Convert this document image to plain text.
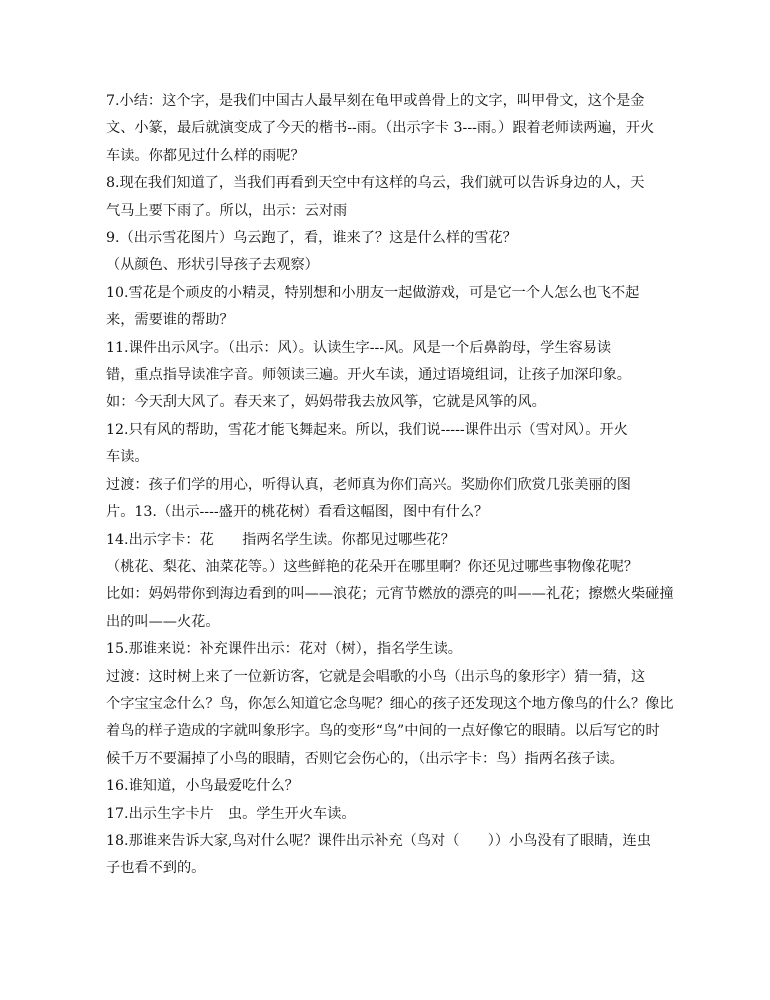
7.小结：这个字，是我们中国古人最早刻在龟甲或兽骨上的文字，叫甲骨文，这个是金
文、小篆，最后就演变成了今天的楷书--雨。（出示字卡 3---雨。）跟着老师读两遍，开火
车读。你都见过什么样的雨呢？

8.现在我们知道了，当我们再看到天空中有这样的乌云，我们就可以告诉身边的人，天
气马上要下雨了。所以，出示：云对雨

9.（出示雪花图片）乌云跑了，看，谁来了？这是什么样的雪花？

（从颜色、形状引导孩子去观察）

10.雪花是个顽皮的小精灵，特别想和小朋友一起做游戏，可是它一个人怎么也飞不起
来，需要谁的帮助？

11.课件出示风字。（出示：风）。认读生字---风。风是一个后鼻韵母，学生容易读
错，重点指导读准字音。师领读三遍。开火车读，通过语境组词，让孩子加深印象。

如：今天刮大风了。春天来了，妈妈带我去放风筝，它就是风筝的风。

12.只有风的帮助，雪花才能飞舞起来。所以，我们说-----课件出示（雪对风）。开火
车读。

过渡：孩子们学的用心，听得认真，老师真为你们高兴。奖励你们欣赏几张美丽的图
片。13.（出示----盛开的桃花树）看看这幅图，图中有什么？

14.出示字卡：花　　指两名学生读。你都见过哪些花？

（桃花、梨花、油菜花等。）这些鲜艳的花朵开在哪里啊？你还见过哪些事物像花呢？
比如：妈妈带你到海边看到的叫——浪花；元宵节燃放的漂亮的叫——礼花；擦燃火柴碰撞
出的叫——火花。

15.那谁来说：补充课件出示：花对（树），指名学生读。

过渡：这时树上来了一位新访客，它就是会唱歌的小鸟（出示鸟的象形字）猜一猜，这
个字宝宝念什么？鸟，你怎么知道它念鸟呢？细心的孩子还发现这个地方像鸟的什么？像比
着鸟的样子造成的字就叫象形字。鸟的变形“鸟”中间的一点好像它的眼睛。以后写它的时
候千万不要漏掉了小鸟的眼睛，否则它会伤心的，（出示字卡：鸟）指两名孩子读。

16.谁知道，小鸟最爱吃什么？

17.出示生字卡片　虫。学生开火车读。

18.那谁来告诉大家,鸟对什么呢？课件出示补充（鸟对（　　））小鸟没有了眼睛，连虫
子也看不到的。
